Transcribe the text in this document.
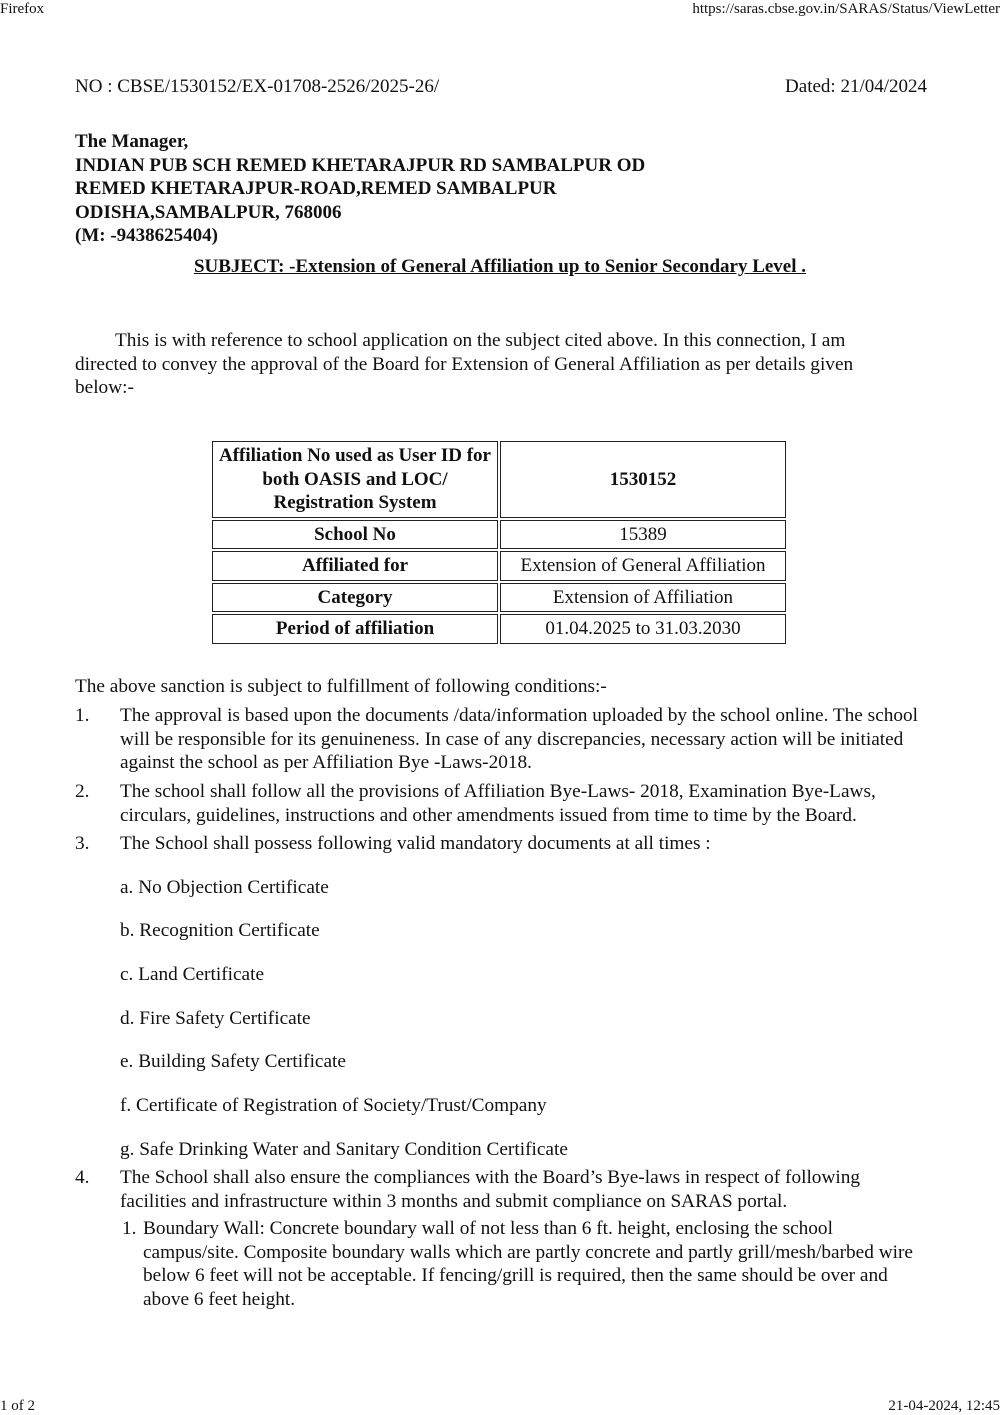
Firefox	https://saras.cbse.gov.in/SARAS/Status/ViewLetter
NO : CBSE/1530152/EX-01708-2526/2025-26/	Dated: 21/04/2024
The Manager,
INDIAN PUB SCH REMED KHETARAJPUR RD SAMBALPUR OD
REMED KHETARAJPUR-ROAD,REMED SAMBALPUR
ODISHA,SAMBALPUR, 768006
(M: -9438625404)
SUBJECT: -Extension of General Affiliation up to Senior Secondary Level .
This is with reference to school application on the subject cited above. In this connection, I am directed to convey the approval of the Board for Extension of General Affiliation as per details given below:-
Affiliation No used as User ID for both OASIS and LOC/ Registration System	1530152
School No	15389
Affiliated for	Extension of General Affiliation
Category	Extension of Affiliation
Period of affiliation	01.04.2025 to 31.03.2030
The above sanction is subject to fulfillment of following conditions:-
1. The approval is based upon the documents /data/information uploaded by the school online. The school will be responsible for its genuineness. In case of any discrepancies, necessary action will be initiated against the school as per Affiliation Bye -Laws-2018.
2. The school shall follow all the provisions of Affiliation Bye-Laws- 2018, Examination Bye-Laws, circulars, guidelines, instructions and other amendments issued from time to time by the Board.
3. The School shall possess following valid mandatory documents at all times :
a. No Objection Certificate
b. Recognition Certificate
c. Land Certificate
d. Fire Safety Certificate
e. Building Safety Certificate
f. Certificate of Registration of Society/Trust/Company
g. Safe Drinking Water and Sanitary Condition Certificate
4. The School shall also ensure the compliances with the Board’s Bye-laws in respect of following facilities and infrastructure within 3 months and submit compliance on SARAS portal.
1. Boundary Wall: Concrete boundary wall of not less than 6 ft. height, enclosing the school campus/site. Composite boundary walls which are partly concrete and partly grill/mesh/barbed wire below 6 feet will not be acceptable. If fencing/grill is required, then the same should be over and above 6 feet height.
1 of 2	21-04-2024, 12:45
